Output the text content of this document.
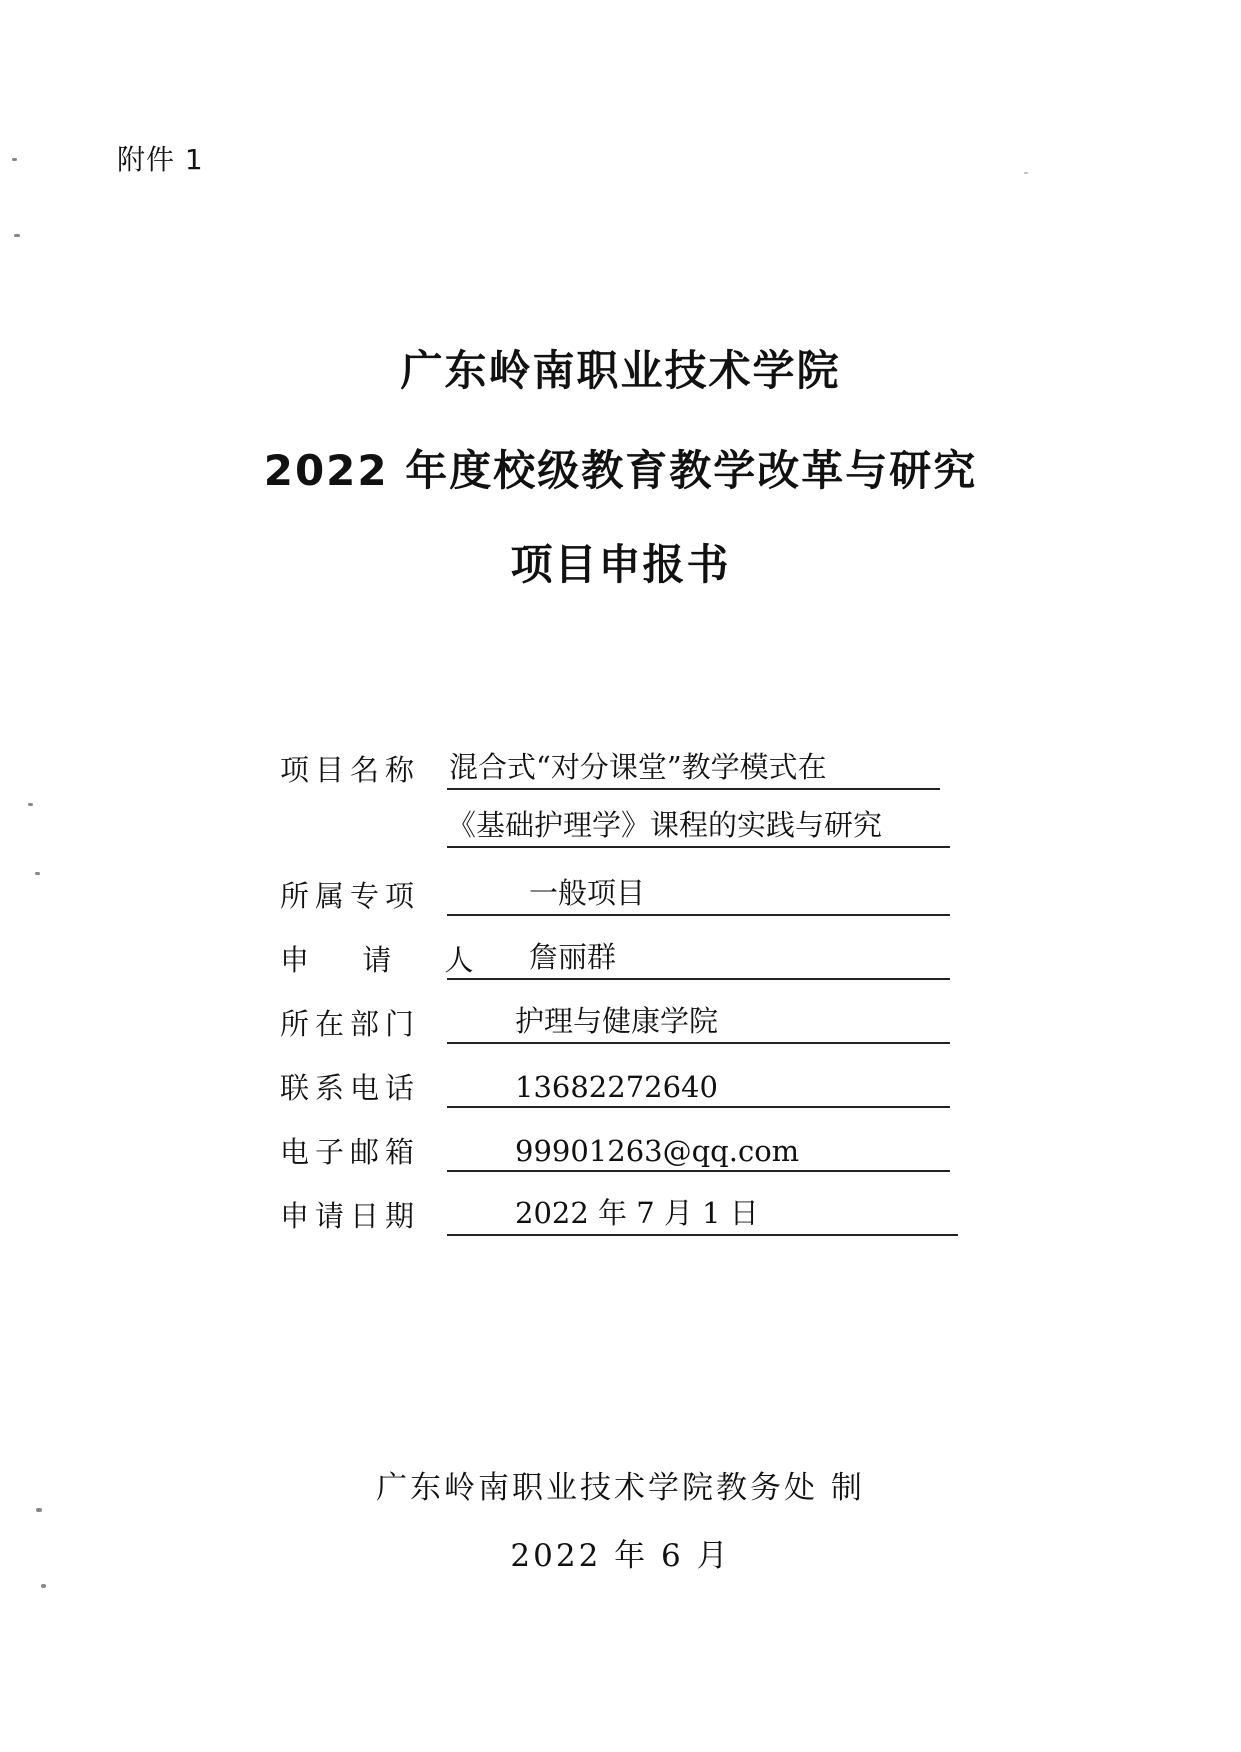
附件 1
广东岭南职业技术学院
2022 年度校级教育教学改革与研究
项目申报书
项目名称 混合式“对分课堂”教学模式在
《基础护理学》课程的实践与研究
所属专项	一般项目
申 请 人 詹丽群
所在部门	护理与健康学院
联系电话	13682272640
电子邮箱	99901263@qq.com
申请日期	2022 年 7 月 1 日
广东岭南职业技术学院教务处 制
2022 年 6 月
